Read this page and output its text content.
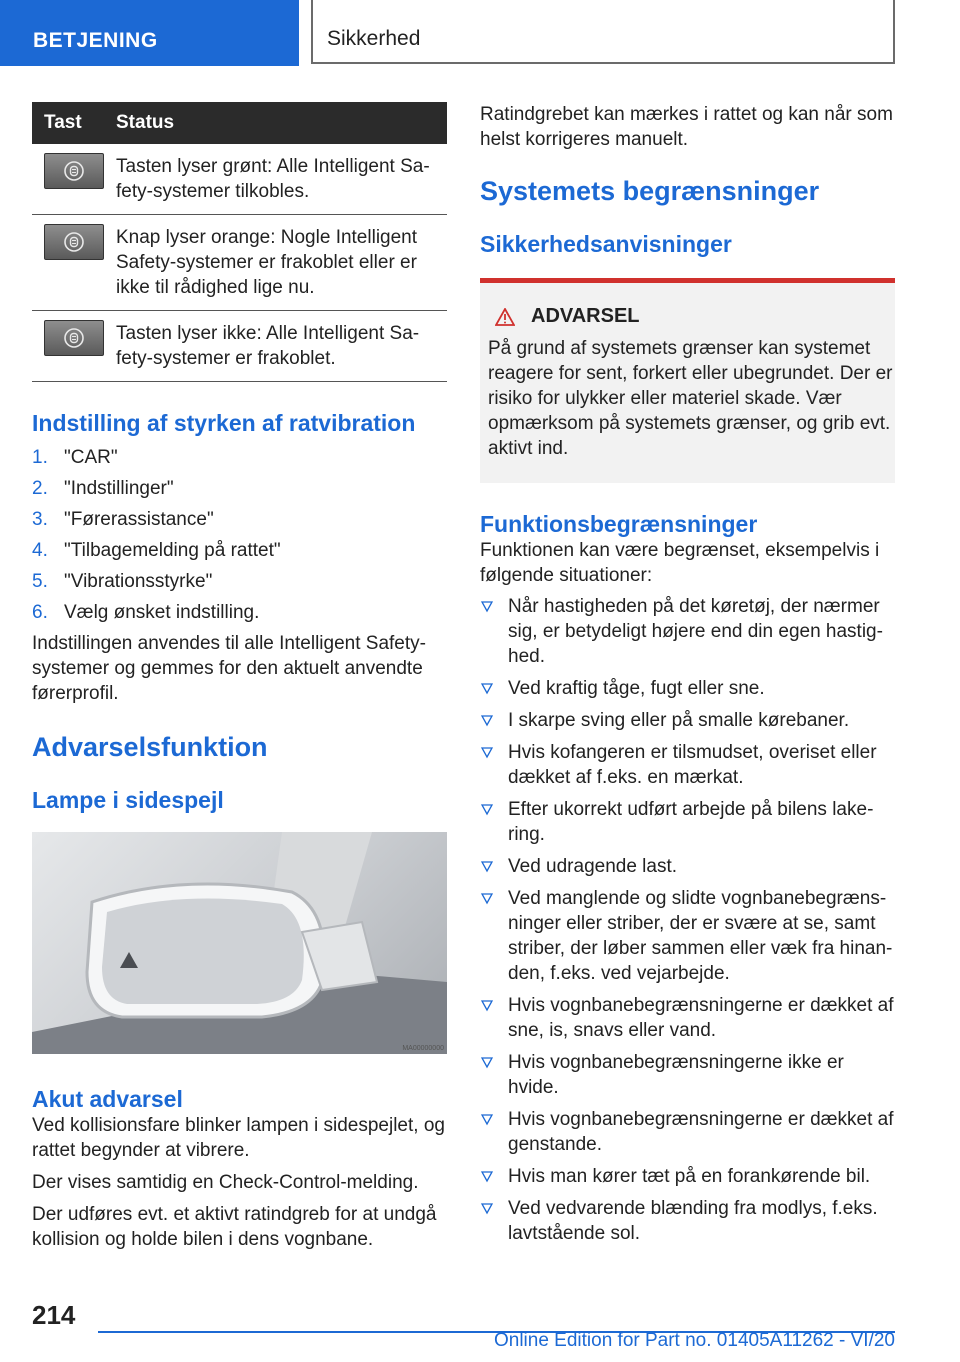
BETJENING	Sikkerhed
Tast	Status

	Tasten lyser grønt: Alle Intelligent Sa-fety-systemer tilkobles.

	Knap lyser orange: Nogle Intelligent Safety-systemer er frakoblet eller er ikke til rådighed lige nu.

	Tasten lyser ikke: Alle Intelligent Sa-fety-systemer er frakoblet.
Indstilling af styrken af ratvibration
1. "CAR"
2. "Indstillinger"
3. "Førerassistance"
4. "Tilbagemelding på rattet"
5. "Vibrationsstyrke"
6. Vælg ønsket indstilling.

Indstillingen anvendes til alle Intelligent Safety-systemer og gemmes for den aktuelt anvendte førerprofil.

Advarselsfunktion
Lampe i sidespejl
MA00000000
Akut advarsel

Ved kollisionsfare blinker lampen i sidespejlet, og rattet begynder at vibrere.

Der vises samtidig en Check-Control-melding.

Der udføres evt. et aktivt ratindgreb for at undgå kollision og holde bilen i dens vognbane.

Ratindgrebet kan mærkes i rattet og kan når som helst korrigeres manuelt.

Systemets begrænsninger
Sikkerhedsanvisninger
ADVARSEL

På grund af systemets grænser kan systemet reagere for sent, forkert eller ubegrundet. Der er risiko for ulykker eller materiel skade. Vær opmærksom på systemets grænser, og grib evt. aktivt ind.

Funktionsbegrænsninger

Funktionen kan være begrænset, eksempelvis i følgende situationer:

Når hastigheden på det køretøj, der nærmer sig, er betydeligt højere end din egen hastig-hed.
Ved kraftig tåge, fugt eller sne.
I skarpe sving eller på smalle kørebaner.
Hvis kofangeren er tilsmudset, overiset eller dækket af f.eks. en mærkat.
Efter ukorrekt udført arbejde på bilens lake-ring.
Ved udragende last.
Ved manglende og slidte vognbanebegræns-ninger eller striber, der er svære at se, samt striber, der løber sammen eller væk fra hinan-den, f.eks. ved vejarbejde.
Hvis vognbanebegrænsningerne er dækket af sne, is, snavs eller vand.
Hvis vognbanebegrænsningerne ikke er hvide.
Hvis vognbanebegrænsningerne er dækket af genstande.
Hvis man kører tæt på en forankørende bil.
Ved vedvarende blænding fra modlys, f.eks. lavtstående sol.
214
Online Edition for Part no. 01405A11262 - VI/20
